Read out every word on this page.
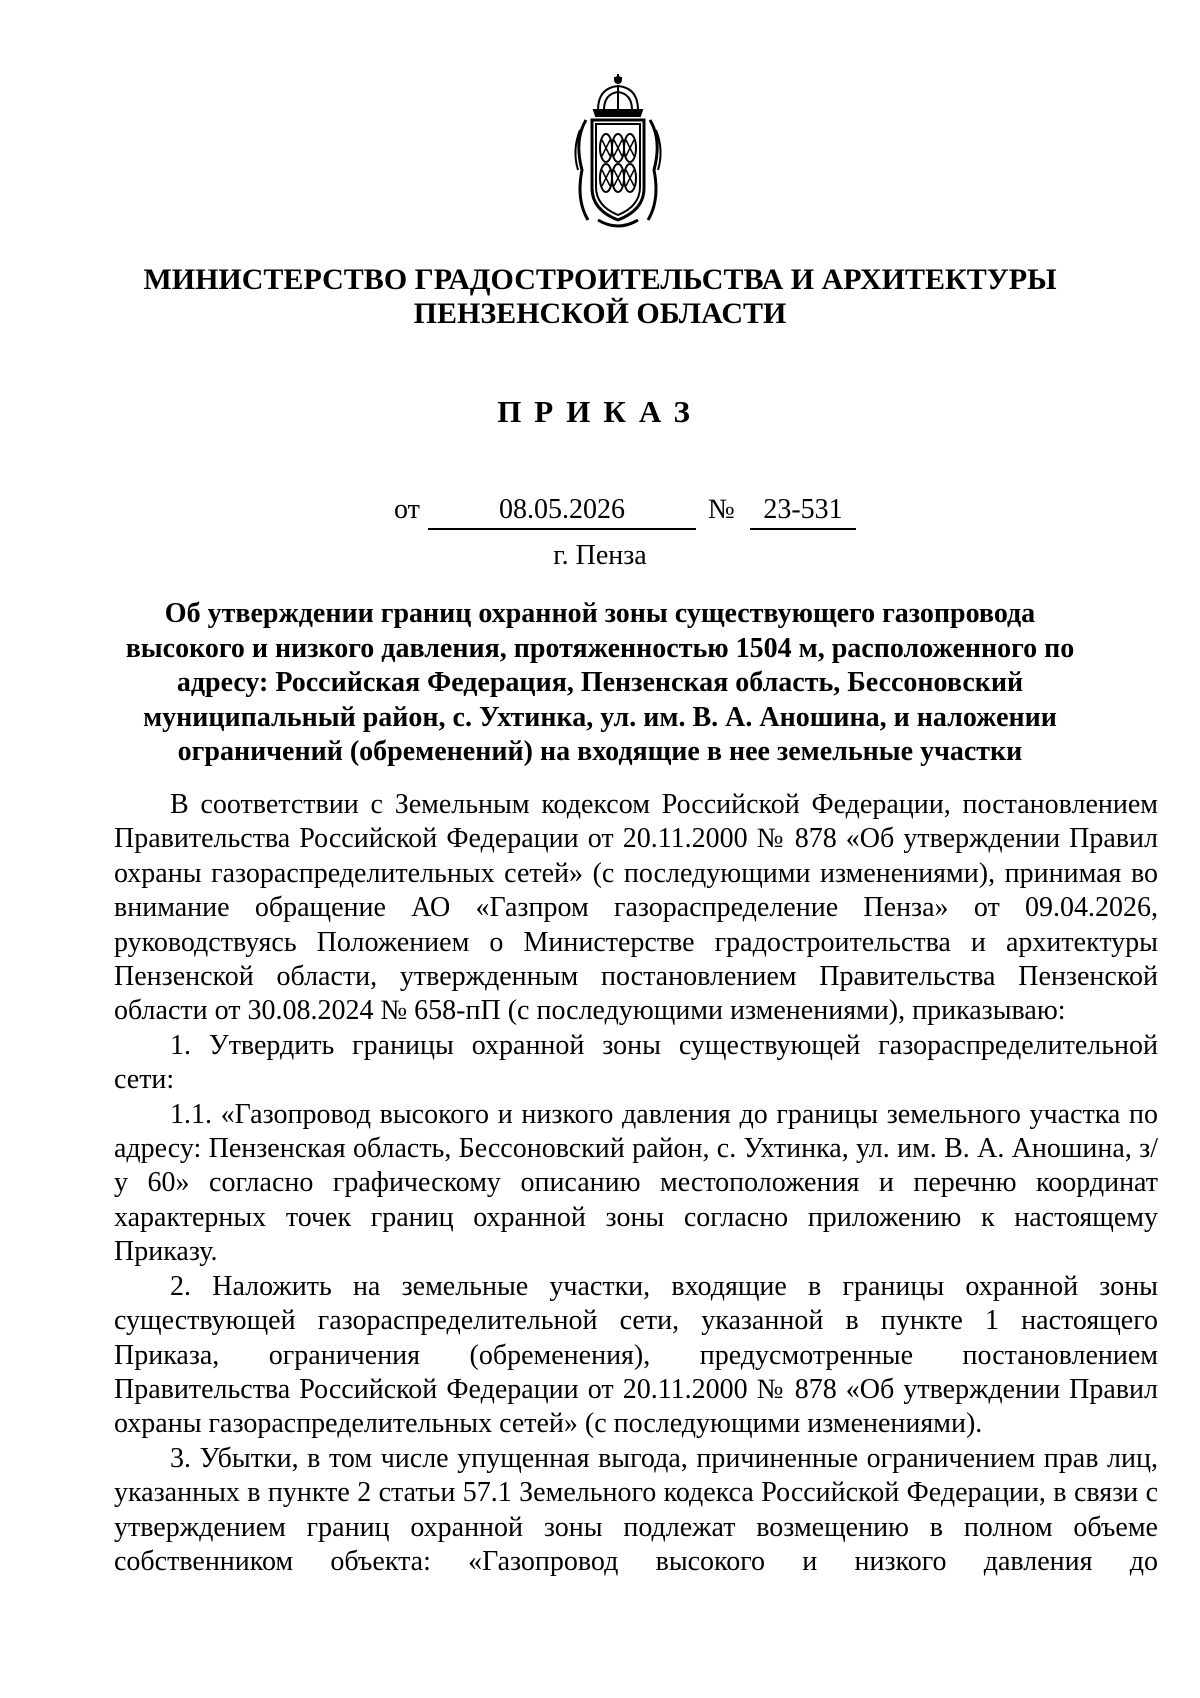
МИНИСТЕРСТВО ГРАДОСТРОИТЕЛЬСТВА И АРХИТЕКТУРЫ
ПЕНЗЕНСКОЙ ОБЛАСТИ
ПРИКАЗ
от	08.05.2026	№	23-531
г. Пенза
Об утверждении границ охранной зоны существующего газопровода высокого и низкого давления, протяженностью 1504 м, расположенного по адресу: Российская Федерация, Пензенская область, Бессоновский муниципальный район, с. Ухтинка, ул. им. В. А. Аношина, и наложении ограничений (обременений) на входящие в нее земельные участки

В соответствии с Земельным кодексом Российской Федерации, постановлением Правительства Российской Федерации от 20.11.2000 № 878 «Об утверждении Правил охраны газораспределительных сетей» (с последующими изменениями), принимая во внимание обращение АО «Газпром газораспределение Пенза» от 09.04.2026, руководствуясь Положением о Министерстве градостроительства и архитектуры Пензенской области, утвержденным постановлением Правительства Пензенской области от 30.08.2024 № 658-пП (с последующими изменениями), приказываю:

1. Утвердить границы охранной зоны существующей газораспределительной сети:

1.1. «Газопровод высокого и низкого давления до границы земельного участка по адресу: Пензенская область, Бессоновский район, с. Ухтинка, ул. им. В. А. Аношина, з/у 60» согласно графическому описанию местоположения и перечню координат характерных точек границ охранной зоны согласно приложению к настоящему Приказу.

2. Наложить на земельные участки, входящие в границы охранной зоны существующей газораспределительной сети, указанной в пункте 1 настоящего Приказа, ограничения (обременения), предусмотренные постановлением Правительства Российской Федерации от 20.11.2000 № 878 «Об утверждении Правил охраны газораспределительных сетей» (с последующими изменениями).

3. Убытки, в том числе упущенная выгода, причиненные ограничением прав лиц, указанных в пункте 2 статьи 57.1 Земельного кодекса Российской Федерации, в связи с утверждением границ охранной зоны подлежат возмещению в полном объеме собственником объекта: «Газопровод высокого и низкого давления до
